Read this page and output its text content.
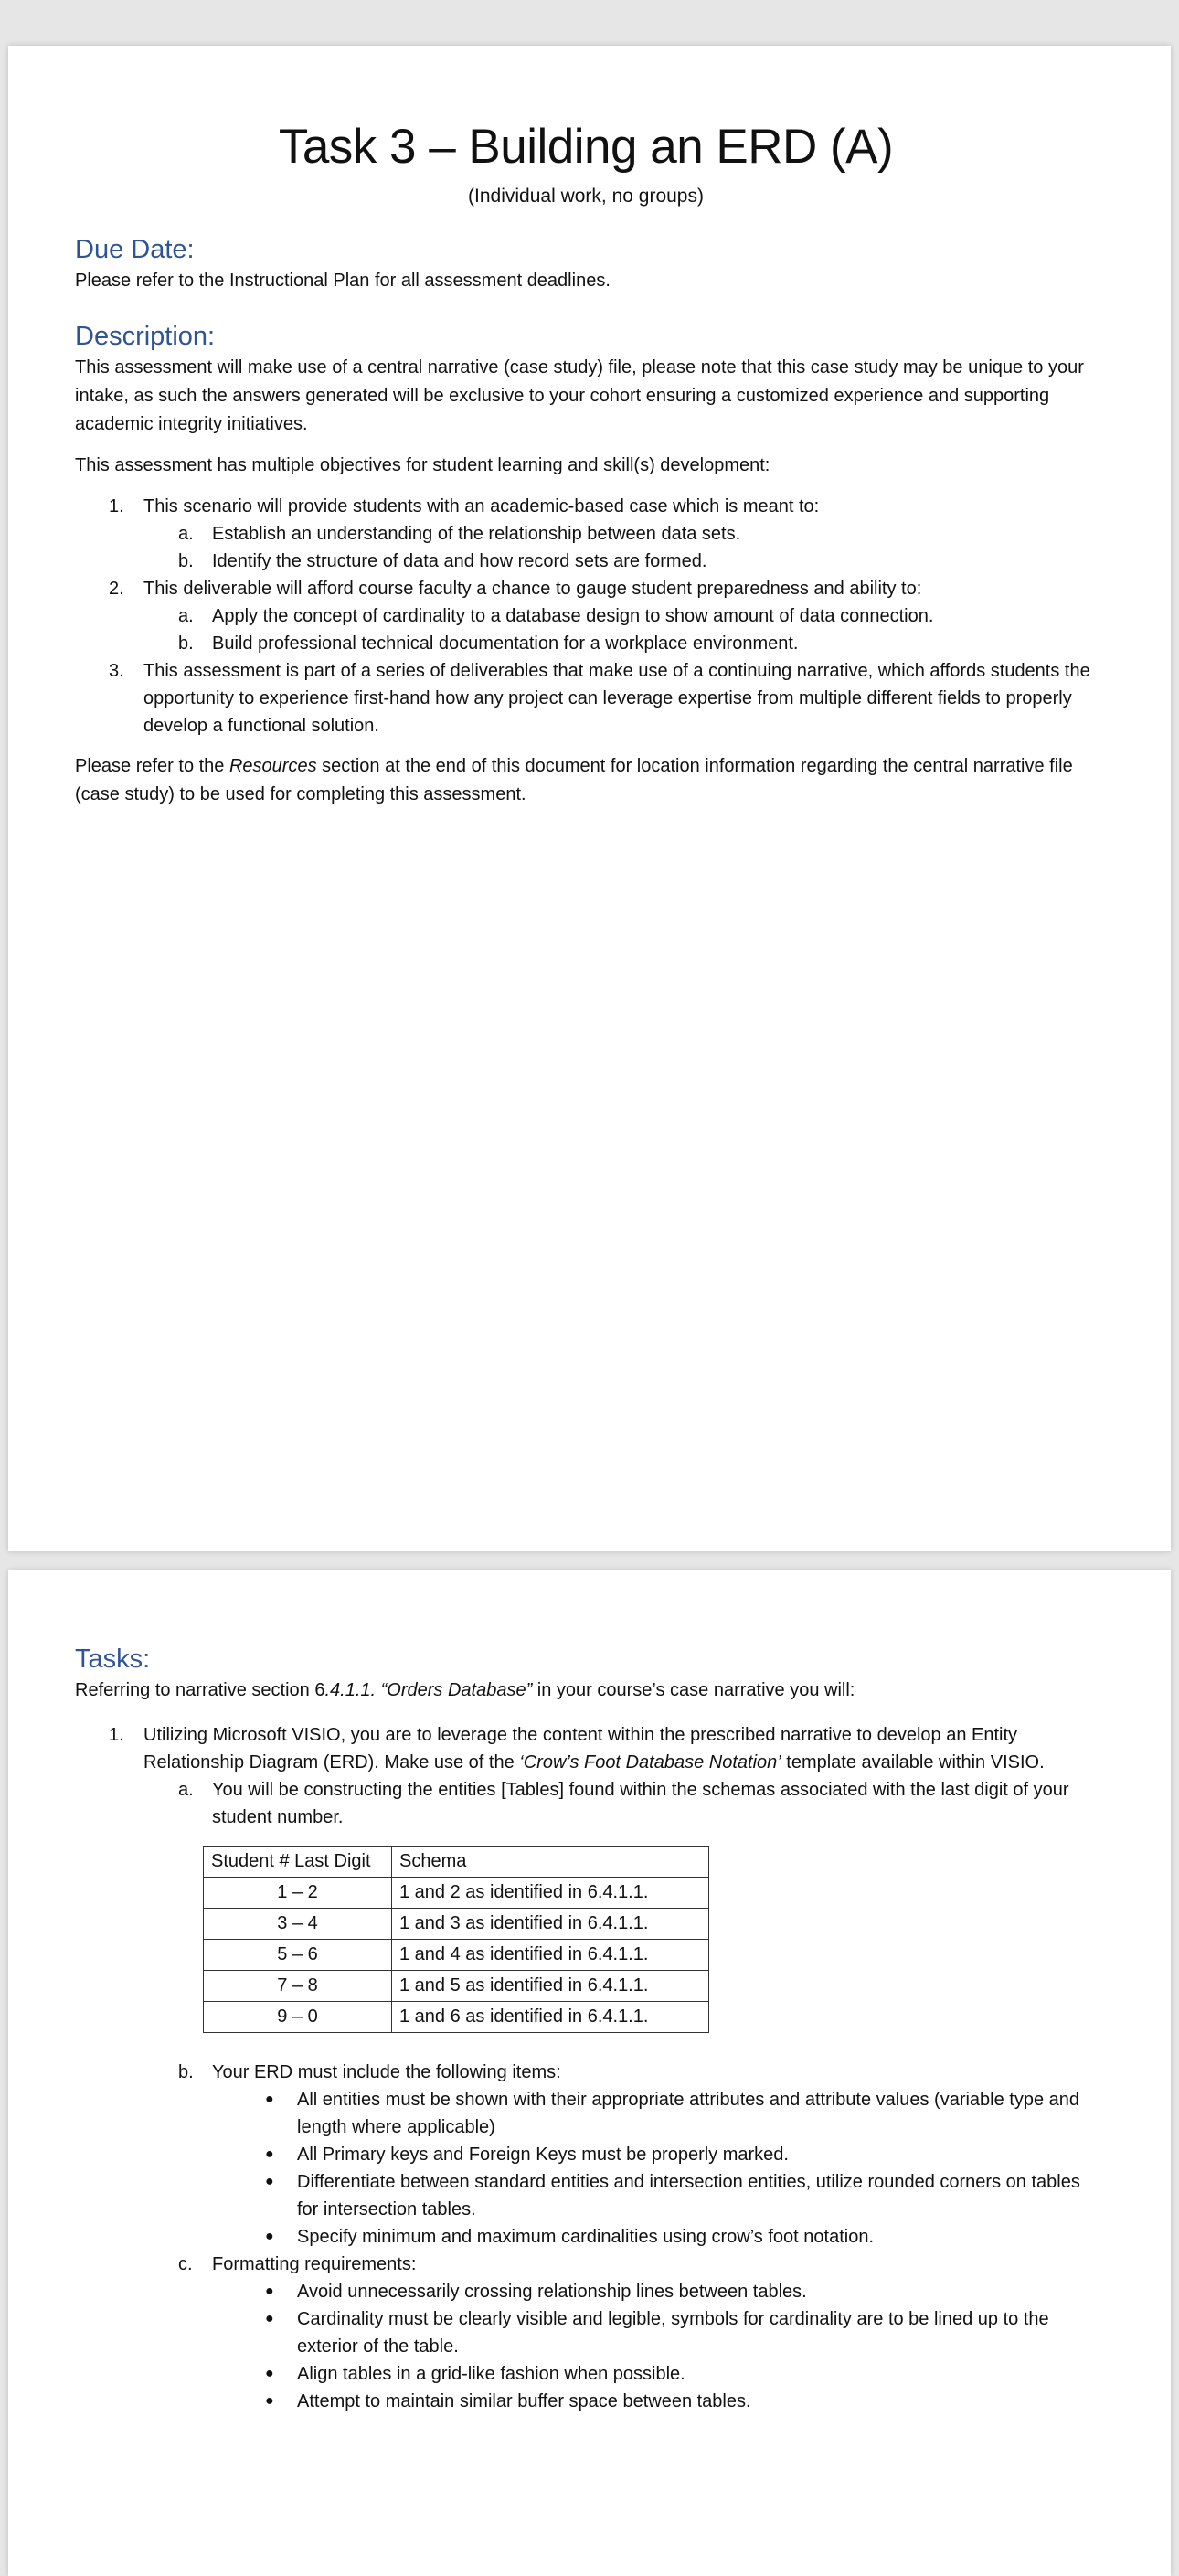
Task 3 – Building an ERD (A)

(Individual work, no groups)

Due Date:

Please refer to the Instructional Plan for all assessment deadlines.

Description:

This assessment will make use of a central narrative (case study) file, please note that this case study may be unique to your intake, as such the answers generated will be exclusive to your cohort ensuring a customized experience and supporting academic integrity initiatives.

This assessment has multiple objectives for student learning and skill(s) development:

1. This scenario will provide students with an academic-based case which is meant to:
a. Establish an understanding of the relationship between data sets.
b. Identify the structure of data and how record sets are formed.
2. This deliverable will afford course faculty a chance to gauge student preparedness and ability to:
a. Apply the concept of cardinality to a database design to show amount of data connection.
b. Build professional technical documentation for a workplace environment.
3. This assessment is part of a series of deliverables that make use of a continuing narrative, which affords students the opportunity to experience first-hand how any project can leverage expertise from multiple different fields to properly develop a functional solution.

Please refer to the Resources section at the end of this document for location information regarding the central narrative file (case study) to be used for completing this assessment.

Tasks:

Referring to narrative section 6.4.1.1. “Orders Database” in your course’s case narrative you will:

1. Utilizing Microsoft VISIO, you are to leverage the content within the prescribed narrative to develop an Entity Relationship Diagram (ERD). Make use of the ‘Crow’s Foot Database Notation’ template available within VISIO.
a. You will be constructing the entities [Tables] found within the schemas associated with the last digit of your student number.
Student # Last Digit	Schema
1 – 2	1 and 2 as identified in 6.4.1.1.
3 – 4	1 and 3 as identified in 6.4.1.1.
5 – 6	1 and 4 as identified in 6.4.1.1.
7 – 8	1 and 5 as identified in 6.4.1.1.
9 – 0	1 and 6 as identified in 6.4.1.1.
b. Your ERD must include the following items:
● All entities must be shown with their appropriate attributes and attribute values (variable type and length where applicable)
● All Primary keys and Foreign Keys must be properly marked.
● Differentiate between standard entities and intersection entities, utilize rounded corners on tables for intersection tables.
● Specify minimum and maximum cardinalities using crow’s foot notation.
c. Formatting requirements:
● Avoid unnecessarily crossing relationship lines between tables.
● Cardinality must be clearly visible and legible, symbols for cardinality are to be lined up to the exterior of the table.
● Align tables in a grid-like fashion when possible.
● Attempt to maintain similar buffer space between tables.
